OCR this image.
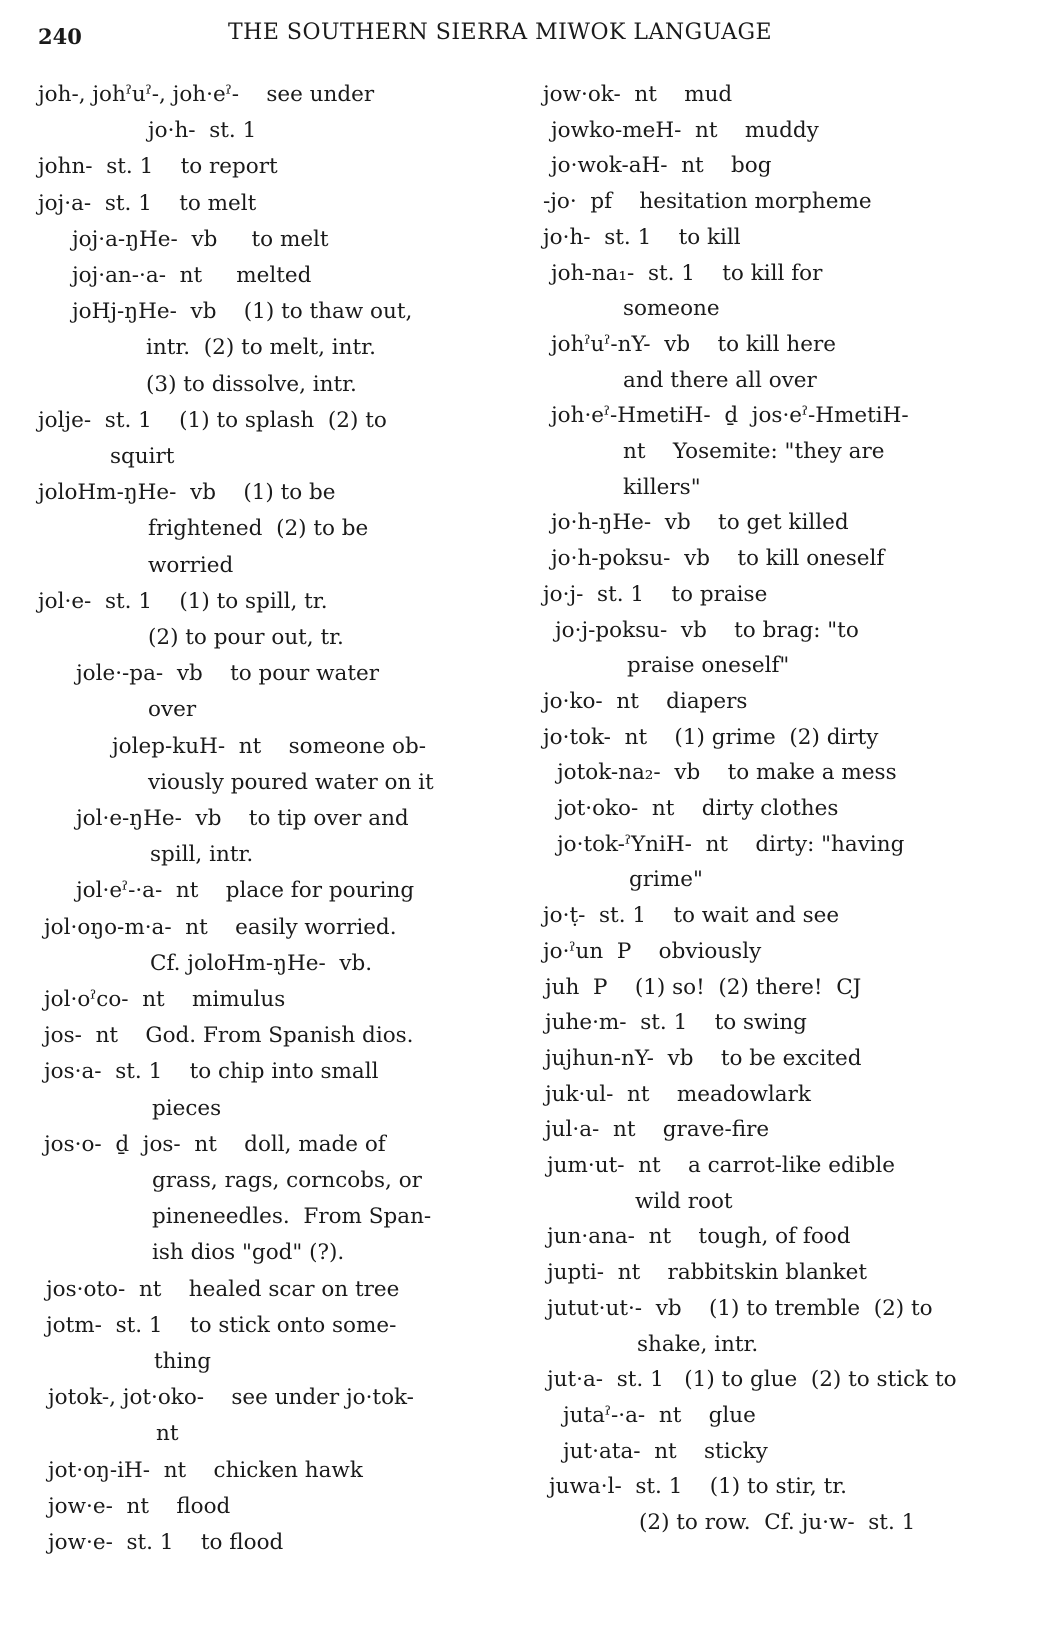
240	THE SOUTHERN SIERRA MIWOK LANGUAGE
joh-, johˀuˀ-, joh·eˀ-    see under
jo·h-  st. 1
john-  st. 1    to report
joj·a-  st. 1    to melt
joj·a-ŋHe-  vb     to melt
joj·an-·a-  nt     melted
joHj-ŋHe-  vb    (1) to thaw out,
intr.  (2) to melt, intr.
(3) to dissolve, intr.
jolje-  st. 1    (1) to splash  (2) to
squirt
joloHm-ŋHe-  vb    (1) to be
frightened  (2) to be
worried
jol·e-  st. 1    (1) to spill, tr.
(2) to pour out, tr.
jole·-pa-  vb    to pour water
over
jolep-kuH-  nt    someone ob-
viously poured water on it
jol·e-ŋHe-  vb    to tip over and
spill, intr.
jol·eˀ-·a-  nt    place for pouring
jol·oŋo-m·a-  nt    easily worried.
Cf. joloHm-ŋHe-  vb.
jol·oˀco-  nt    mimulus
jos-  nt    God. From Spanish dios.
jos·a-  st. 1    to chip into small
pieces
jos·o-  ḏ  jos-  nt    doll, made of
grass, rags, corncobs, or
pineneedles.  From Span-
ish dios "god" (?).
jos·oto-  nt    healed scar on tree
jotm-  st. 1    to stick onto some-
thing
jotok-, jot·oko-    see under jo·tok-
nt
jot·oŋ-iH-  nt    chicken hawk
jow·e-  nt    flood
jow·e-  st. 1    to flood
jow·ok-  nt    mud
jowko-meH-  nt    muddy
jo·wok-aH-  nt    bog
-jo·  pf    hesitation morpheme
jo·h-  st. 1    to kill
joh-na₁-  st. 1    to kill for
someone
johˀuˀ-nY-  vb    to kill here
and there all over
joh·eˀ-HmetiH-  ḏ  jos·eˀ-HmetiH-
nt    Yosemite: "they are
killers"
jo·h-ŋHe-  vb    to get killed
jo·h-poksu-  vb    to kill oneself
jo·j-  st. 1    to praise
jo·j-poksu-  vb    to brag: "to
praise oneself"
jo·ko-  nt    diapers
jo·tok-  nt    (1) grime  (2) dirty
jotok-na₂-  vb    to make a mess
jot·oko-  nt    dirty clothes
jo·tok-ˀYniH-  nt    dirty: "having
grime"
jo·ṭ-  st. 1    to wait and see
jo·ˀun  P    obviously
juh  P    (1) so!  (2) there!  CJ
juhe·m-  st. 1    to swing
jujhun-nY-  vb    to be excited
juk·ul-  nt    meadowlark
jul·a-  nt    grave-fire
jum·ut-  nt    a carrot-like edible
wild root
jun·ana-  nt    tough, of food
jupti-  nt    rabbitskin blanket
jutut·ut·-  vb    (1) to tremble  (2) to
shake, intr.
jut·a-  st. 1   (1) to glue  (2) to stick to
jutaˀ-·a-  nt    glue
jut·ata-  nt    sticky
juwa·l-  st. 1    (1) to stir, tr.
(2) to row.  Cf. ju·w-  st. 1
